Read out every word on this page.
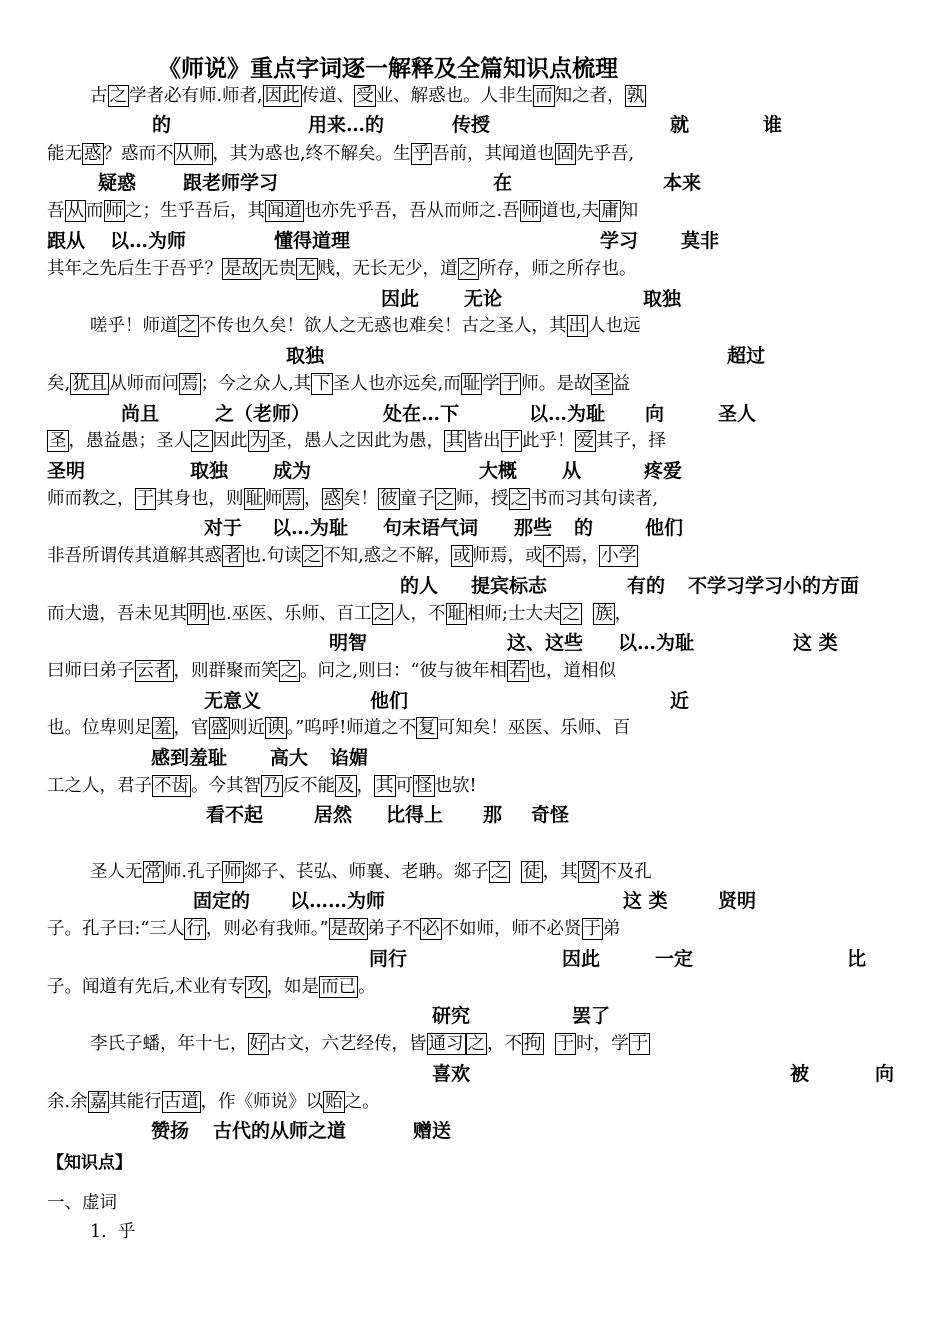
《师说》重点字词逐一解释及全篇知识点梳理
古 之 学者必有师.师者, 因此 传道、 受 业、解惑也。人非生 而 知之者， 孰
的	用来…的	传授	就	谁
能无 惑 ？惑而不 从师 ，其为惑也,终不解矣。生 乎 吾前，其闻道也 固 先乎吾,
疑惑 跟老师学习	在	本来
吾 从 而 师 之；生乎吾后，其 闻道 也亦先乎吾，吾从而师之.吾 师 道也,夫 庸 知
跟从 以…为师	懂得道理	学习 莫非
其年之先后生于吾乎？ 是故 无贵 无 贱，无长无少，道 之 所存，师之所存也。
因此 无论	取独
嗟乎！师道 之 不传也久矣！欲人之无惑也难矣！古之圣人，其 出 人也远
取独	超过
矣, 犹且 从师而问 焉 ；今之众人,其 下 圣人也亦远矣,而 耻 学 于 师。是故 圣 益
尚且	之（老师）	处在…下	以…为耻 向	圣人
圣 ，愚益愚；圣人 之 因此 为 圣，愚人之因此为愚， 其 皆出 于 此乎！ 爱 其子，择
圣明	取独 成为	大概 从	疼爱
师而教之， 于 其身也，则 耻 师 焉 ， 惑 矣！ 彼 童子 之 师，授 之 书而习其句读者,
对于 以…为耻 句末语气词 那些 的	他们
非吾所谓传其道解其惑 者 也.句读 之 不知,惑之不解， 或 师焉，或 不 焉， 小学
的人 提宾标志	有的 不学习学习小的方面
而大遗，吾未见其 明 也.巫医、乐师、百工 之 人，不 耻 相师;士大夫 之 族 ，
明智	这、这些 以…为耻	这 类
曰师曰弟子 云者 ，则群聚而笑 之 。问之,则曰：“彼与彼年相 若 也，道相似
无意义	他们	近
也。位卑则足 羞 ，官 盛 则近 谀 。”呜呼!师道之不 复 可知矣！巫医、乐师、百
感到羞耻 高大 谄媚
工之人，君子 不齿 。今其智 乃 反不能 及 ， 其 可 怪 也欤!
看不起	居然 比得上 那 奇怪
圣人无 常 师.孔子 师 郯子、苌弘、师襄、老聃。郯子 之 徒 ，其 贤 不及孔
固定的 以……为师	这 类	贤明
子。孔子曰:“三人 行 ，则必有我师。” 是故 弟子不 必 不如师，师不必贤 于 弟
同行	因此	一定	比
子。闻道有先后,术业有专 攻 ，如是 而已 。
研究	罢了
李氏子蟠，年十七， 好 古文，六艺经传，皆 通习 之 ，不 拘 于 时，学 于
喜欢	被	向
余.余 嘉 其能行 古道 ，作《师说》以 贻 之。
赞扬 古代的从师之道	赠送
【知识点】
一、虚词
1.  乎
